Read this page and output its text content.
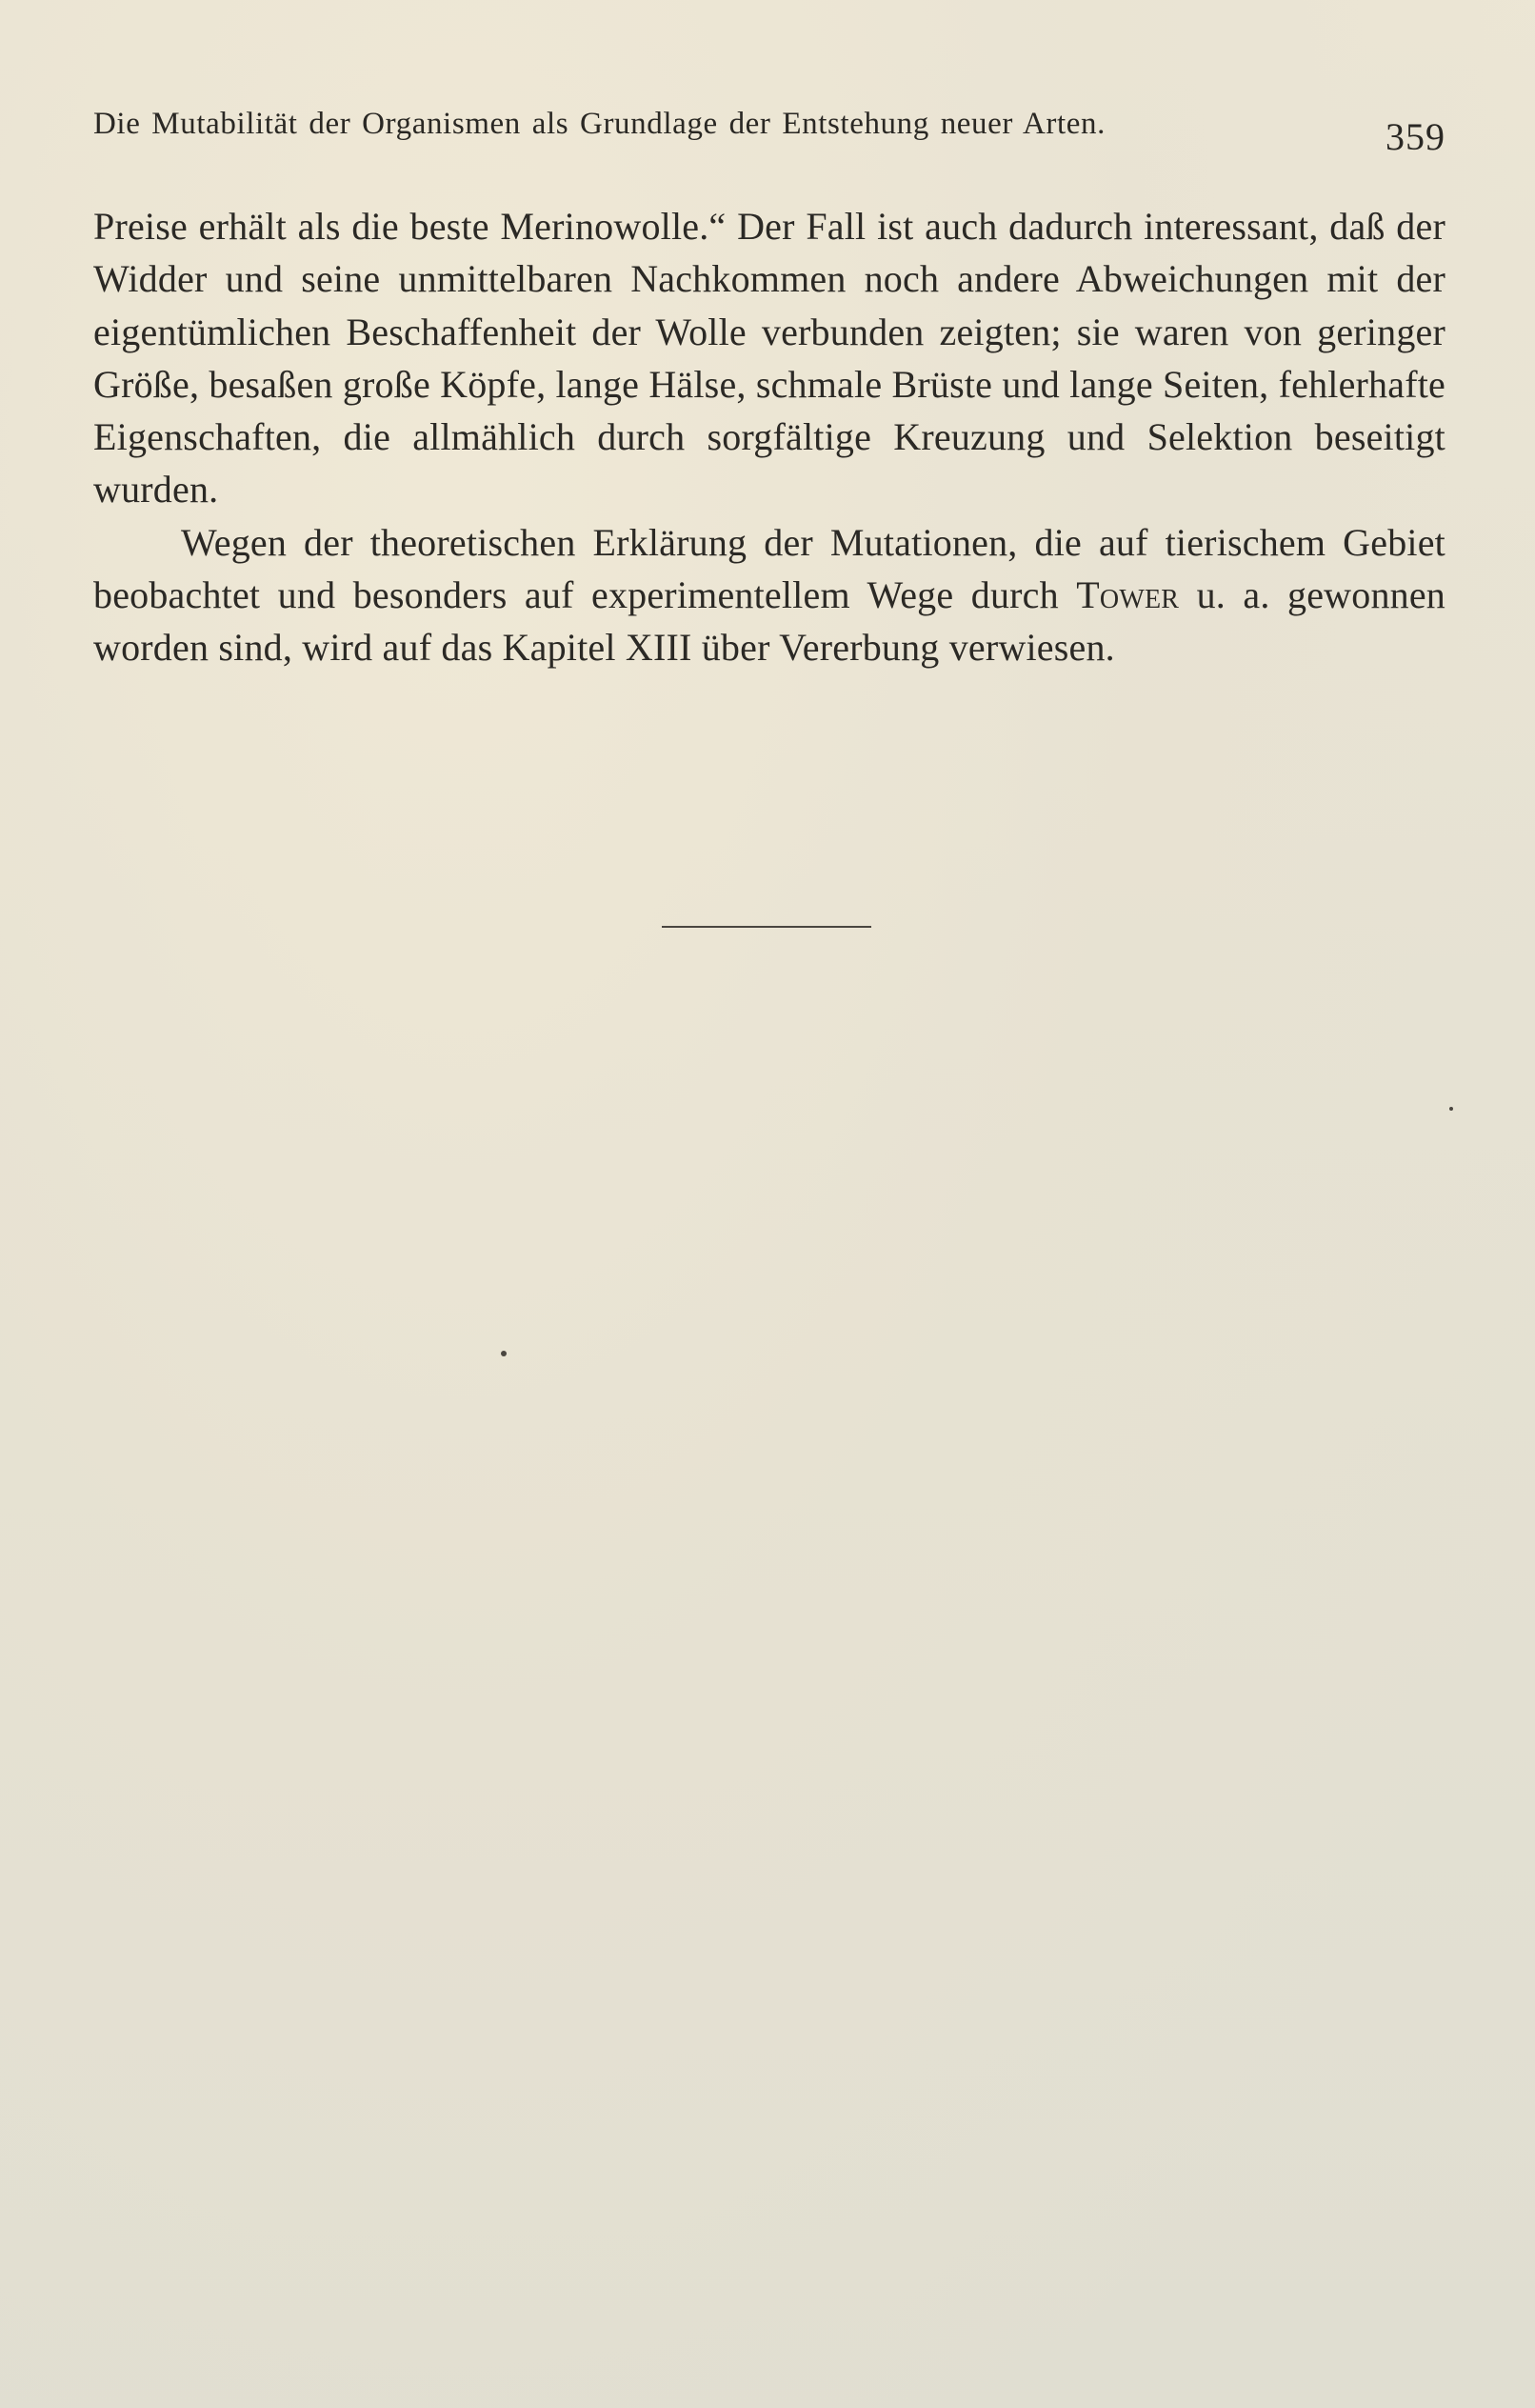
Die Mutabilität der Organismen als Grundlage der Entstehung neuer Arten.	359

Preise erhält als die beste Merinowolle.“ Der Fall ist auch dadurch interessant, daß der Widder und seine unmittelbaren Nachkommen noch andere Abweichungen mit der eigentümlichen Beschaffenheit der Wolle verbunden zeigten; sie waren von geringer Größe, besaßen große Köpfe, lange Hälse, schmale Brüste und lange Seiten, fehlerhafte Eigenschaften, die allmählich durch sorgfältige Kreuzung und Selektion beseitigt wurden.

Wegen der theoretischen Erklärung der Mutationen, die auf tierischem Gebiet beobachtet und besonders auf experimentellem Wege durch Tower u. a. gewonnen worden sind, wird auf das Kapitel XIII über Vererbung verwiesen.
